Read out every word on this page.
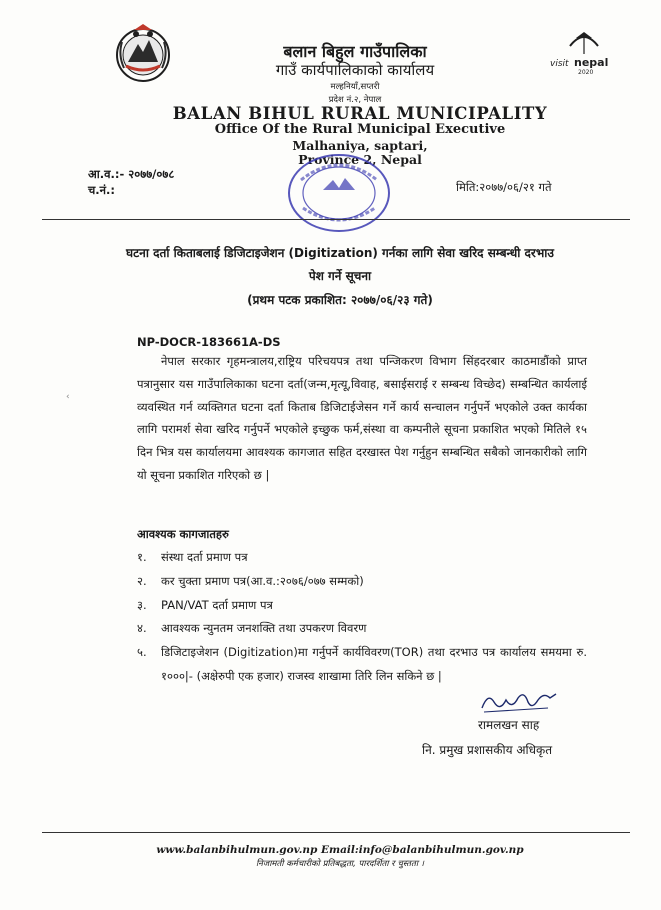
visit nepal
2020
बलान बिहुल गाउँपालिका
गाउँ कार्यपालिकाको कार्यालय
मल्हनियाँ,सप्तरी
प्रदेश नं.२, नेपाल
BALAN BIHUL RURAL MUNICIPALITY
Office Of the Rural Municipal Executive
Malhaniya, saptari,
Province 2, Nepal
आ.व.:- २०७७/०७८
च.नं.:	मिति:२०७७/०६/२१ गते
घटना दर्ता किताबलाई डिजिटाइजेशन (Digitization) गर्नका लागि सेवा खरिद सम्बन्धी दरभाउ
पेश गर्ने सूचना
(प्रथम पटक प्रकाशित: २०७७/०६/२३ गते)
‹
NP-DOCR-183661A-DS
नेपाल सरकार गृहमन्त्रालय,राष्ट्रिय परिचयपत्र तथा पन्जिकरण विभाग सिंहदरबार काठमाडौंको प्राप्त पत्रानुसार यस गाउँपालिकाका घटना दर्ता(जन्म,मृत्यू,विवाह, बसाईसराई र सम्बन्ध विच्छेद) सम्बन्धित कार्यलाई व्यवस्थित गर्न व्यक्तिगत घटना दर्ता किताब डिजिटाईजेसन गर्ने कार्य सन्चालन गर्नुपर्ने भएकोले उक्त कार्यका लागि परामर्श सेवा खरिद गर्नुपर्ने भएकोले इच्छुक फर्म,संस्था वा कम्पनीले सूचना प्रकाशित भएको मितिले १५ दिन भित्र यस कार्यालयमा आवश्यक कागजात सहित दरखास्त पेश गर्नुहुन सम्बन्धित सबैको जानकारीको लागि यो सूचना प्रकाशित गरिएको छ |
आवश्यक कागजातहरु
१.	संस्था दर्ता प्रमाण पत्र
२.	कर चुक्ता प्रमाण पत्र(आ.व.:२०७६/०७७ सम्मको)
३.	PAN/VAT दर्ता प्रमाण पत्र
४.	आवश्यक न्युनतम जनशक्ति तथा उपकरण विवरण
५.	डिजिटाइजेशन (Digitization)मा गर्नुपर्ने कार्यविवरण(TOR) तथा दरभाउ पत्र कार्यालय समयमा रु. १०००|- (अक्षेरुपी एक हजार) राजस्व शाखामा तिरि लिन सकिने छ |
रामलखन साह
नि. प्रमुख प्रशासकीय अधिकृत
www.balanbihulmun.gov.np Email:info@balanbihulmun.gov.np
निजामती कर्मचारीको प्रतिबद्धता, पारदर्शिता र चुस्तता ।
